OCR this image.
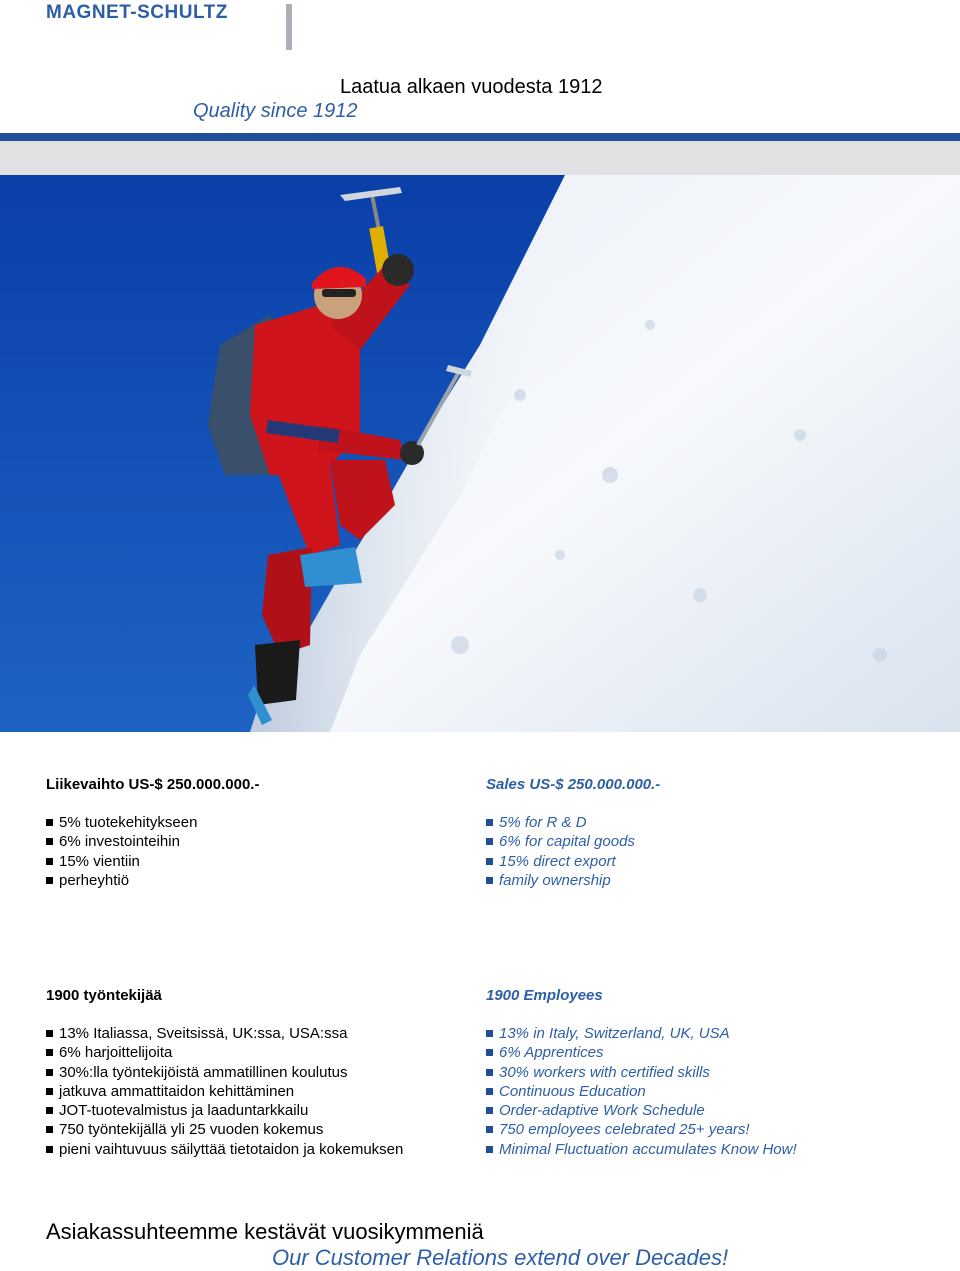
MAGNET-SCHULTZ
Laatua alkaen vuodesta 1912
Quality since 1912
Liikevaihto US-$ 250.000.000.-
5% tuotekehitykseen
6% investointeihin
15% vientiin
perheyhtiö
Sales US-$ 250.000.000.-
5% for R & D
6% for capital goods
15% direct export
family ownership
1900 työntekijää
13% Italiassa, Sveitsissä, UK:ssa, USA:ssa
6% harjoittelijoita
30%:lla työntekijöistä ammatillinen koulutus
jatkuva ammattitaidon kehittäminen
JOT-tuotevalmistus ja laaduntarkkailu
750 työntekijällä yli 25 vuoden kokemus
pieni vaihtuvuus säilyttää tietotaidon ja kokemuksen
1900 Employees
13% in Italy, Switzerland, UK, USA
6% Apprentices
30% workers with certified skills
Continuous Education
Order-adaptive Work Schedule
750 employees celebrated 25+ years!
Minimal Fluctuation accumulates Know How!
Asiakassuhteemme kestävät vuosikymmeniä
Our Customer Relations extend over Decades!
